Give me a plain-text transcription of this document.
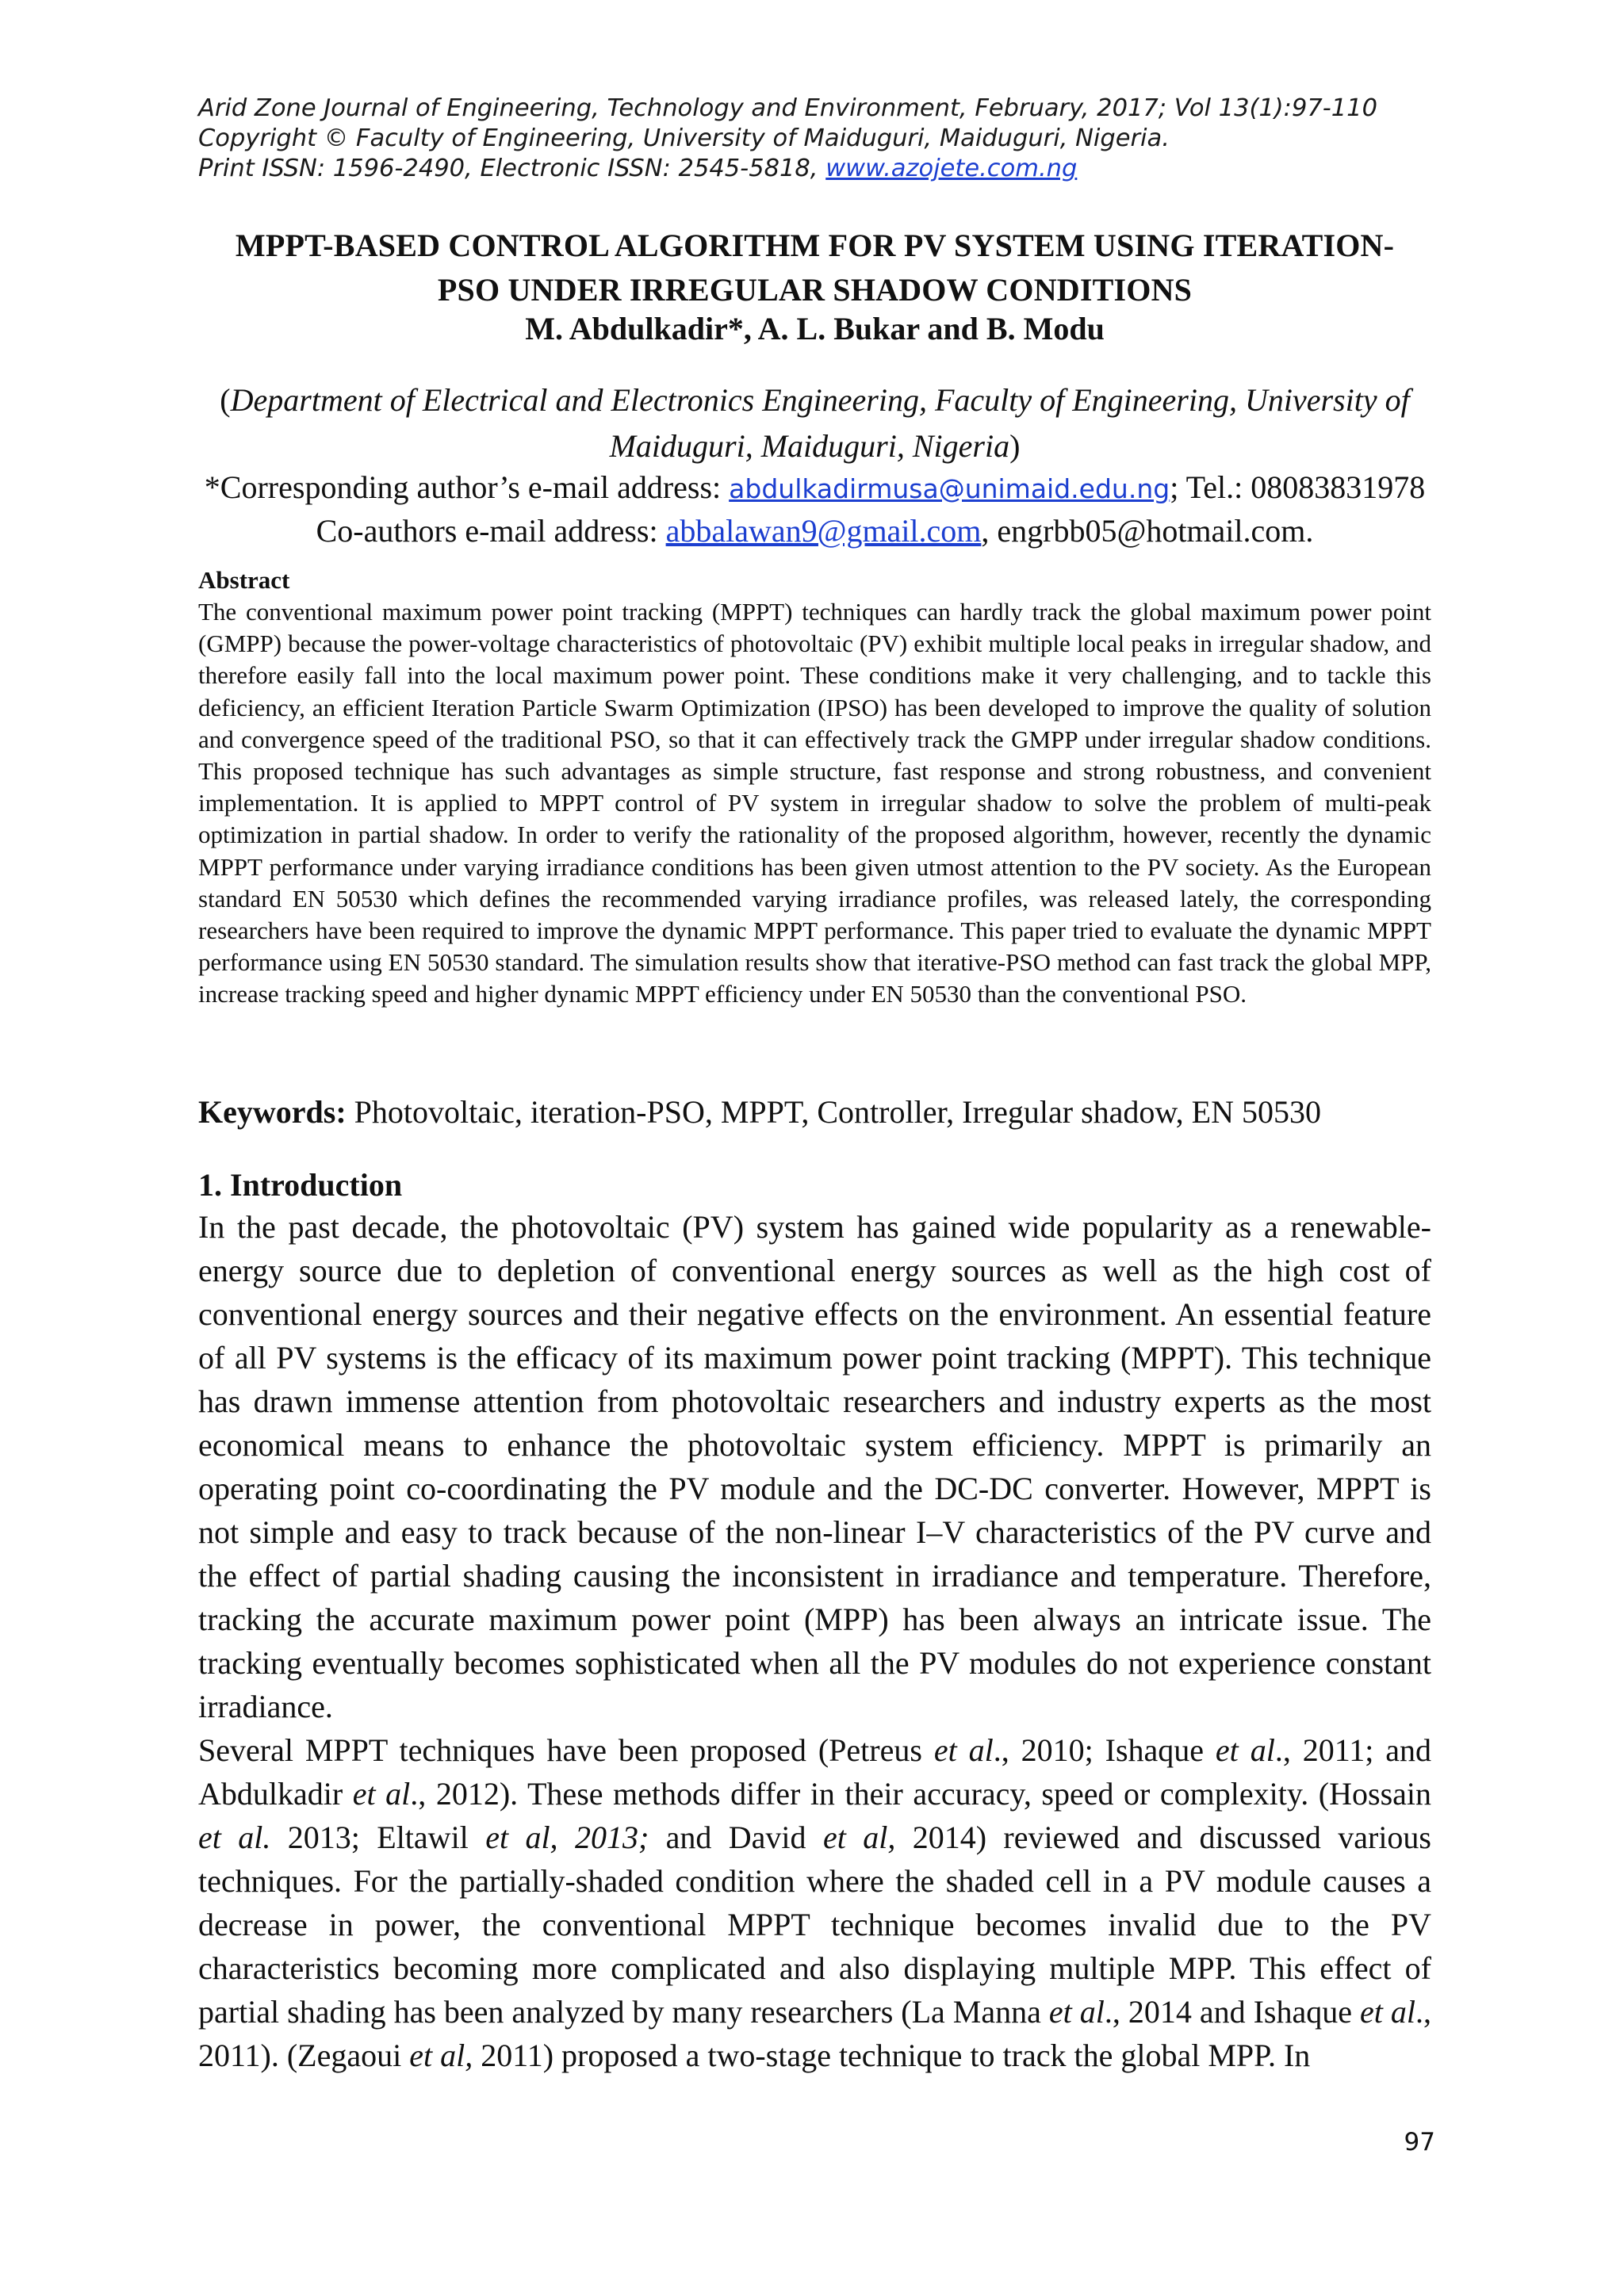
Arid Zone Journal of Engineering, Technology and Environment, February, 2017; Vol 13(1):97-110
Copyright © Faculty of Engineering, University of Maiduguri, Maiduguri, Nigeria.
Print ISSN: 1596-2490, Electronic ISSN: 2545-5818, www.azojete.com.ng
MPPT-BASED CONTROL ALGORITHM FOR PV SYSTEM USING ITERATION-
PSO UNDER IRREGULAR SHADOW CONDITIONS
M. Abdulkadir*, A. L. Bukar and B. Modu
(Department of Electrical and Electronics Engineering, Faculty of Engineering, University of
Maiduguri, Maiduguri, Nigeria)
*Corresponding author’s e-mail address: abdulkadirmusa@unimaid.edu.ng; Tel.: 08083831978
Co-authors e-mail address: abbalawan9@gmail.com, engrbb05@hotmail.com.
Abstract
The conventional maximum power point tracking (MPPT) techniques can hardly track the global maximum power point (GMPP) because the power-voltage characteristics of photovoltaic (PV) exhibit multiple local peaks in irregular shadow, and therefore easily fall into the local maximum power point. These conditions make it very challenging, and to tackle this deficiency, an efficient Iteration Particle Swarm Optimization (IPSO) has been developed to improve the quality of solution and convergence speed of the traditional PSO, so that it can effectively track the GMPP under irregular shadow conditions. This proposed technique has such advantages as simple structure, fast response and strong robustness, and convenient implementation. It is applied to MPPT control of PV system in irregular shadow to solve the problem of multi-peak optimization in partial shadow. In order to verify the rationality of the proposed algorithm, however, recently the dynamic MPPT performance under varying irradiance conditions has been given utmost attention to the PV society. As the European standard EN 50530 which defines the recommended varying irradiance profiles, was released lately, the corresponding researchers have been required to improve the dynamic MPPT performance. This paper tried to evaluate the dynamic MPPT performance using EN 50530 standard. The simulation results show that iterative-PSO method can fast track the global MPP, increase tracking speed and higher dynamic MPPT efficiency under EN 50530 than the conventional PSO.
Keywords: Photovoltaic, iteration-PSO, MPPT, Controller, Irregular shadow, EN 50530
1. Introduction

In the past decade, the photovoltaic (PV) system has gained wide popularity as a renewable-energy source due to depletion of conventional energy sources as well as the high cost of conventional energy sources and their negative effects on the environment. An essential feature of all PV systems is the efficacy of its maximum power point tracking (MPPT). This technique has drawn immense attention from photovoltaic researchers and industry experts as the most economical means to enhance the photovoltaic system efficiency. MPPT is primarily an operating point co-coordinating the PV module and the DC-DC converter. However, MPPT is not simple and easy to track because of the non-linear I–V characteristics of the PV curve and the effect of partial shading causing the inconsistent in irradiance and temperature. Therefore, tracking the accurate maximum power point (MPP) has been always an intricate issue. The tracking eventually becomes sophisticated when all the PV modules do not experience constant irradiance.

Several MPPT techniques have been proposed (Petreus et al., 2010; Ishaque et al., 2011; and Abdulkadir et al., 2012). These methods differ in their accuracy, speed or complexity. (Hossain et al. 2013; Eltawil et al, 2013; and David et al, 2014) reviewed and discussed various techniques. For the partially-shaded condition where the shaded cell in a PV module causes a decrease in power, the conventional MPPT technique becomes invalid due to the PV characteristics becoming more complicated and also displaying multiple MPP. This effect of partial shading has been analyzed by many researchers (La Manna et al., 2014 and Ishaque et al., 2011). (Zegaoui et al, 2011) proposed a two-stage technique to track the global MPP. In

97
